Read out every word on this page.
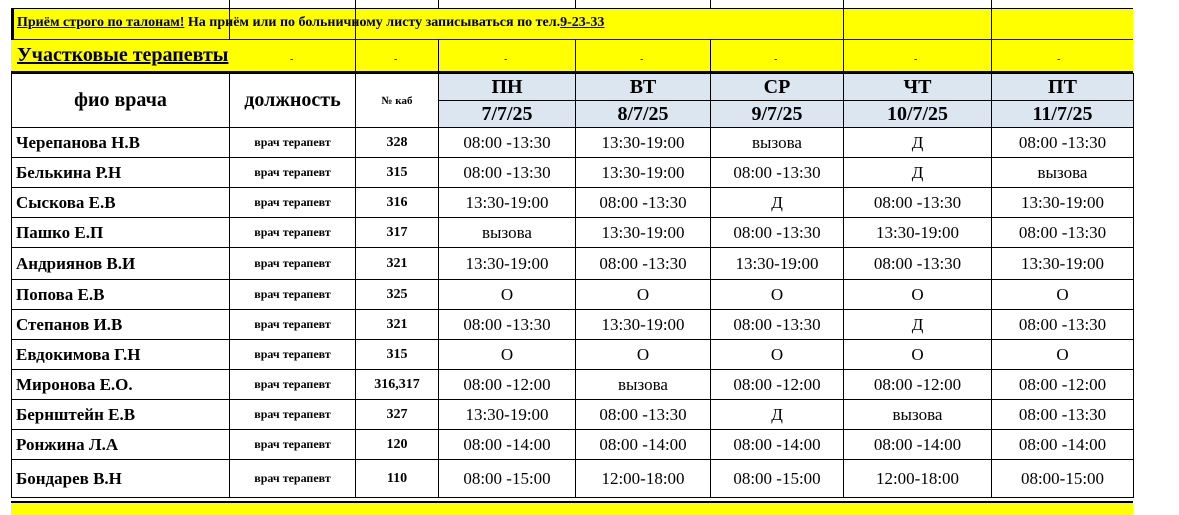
Приём строго по талонам! На приём или по больничному листу записываться по тел.9-23-33
Участковые терапевты	-	-	-	-	-	-	-
фио врача	должность	№ каб	ПН	ВТ	СР	ЧТ	ПТ
			7/7/25	8/7/25	9/7/25	10/7/25	11/7/25
Черепанова Н.В	врач терапевт	328	08:00 -13:30	13:30-19:00	вызова	Д	08:00 -13:30
Белькина Р.Н	врач терапевт	315	08:00 -13:30	13:30-19:00	08:00 -13:30	Д	вызова
Сыскова Е.В	врач терапевт	316	13:30-19:00	08:00 -13:30	Д	08:00 -13:30	13:30-19:00
Пашко Е.П	врач терапевт	317	вызова	13:30-19:00	08:00 -13:30	13:30-19:00	08:00 -13:30
Андриянов В.И	врач терапевт	321	13:30-19:00	08:00 -13:30	13:30-19:00	08:00 -13:30	13:30-19:00
Попова Е.В	врач терапевт	325	О	О	О	О	О
Степанов И.В	врач терапевт	321	08:00 -13:30	13:30-19:00	08:00 -13:30	Д	08:00 -13:30
Евдокимова Г.Н	врач терапевт	315	О	О	О	О	О
Миронова Е.О.	врач терапевт	316,317	08:00 -12:00	вызова	08:00 -12:00	08:00 -12:00	08:00 -12:00
Бернштейн Е.В	врач терапевт	327	13:30-19:00	08:00 -13:30	Д	вызова	08:00 -13:30
Ронжина Л.А	врач терапевт	120	08:00 -14:00	08:00 -14:00	08:00 -14:00	08:00 -14:00	08:00 -14:00
Бондарев В.Н	врач терапевт	110	08:00 -15:00	12:00-18:00	08:00 -15:00	12:00-18:00	08:00-15:00
